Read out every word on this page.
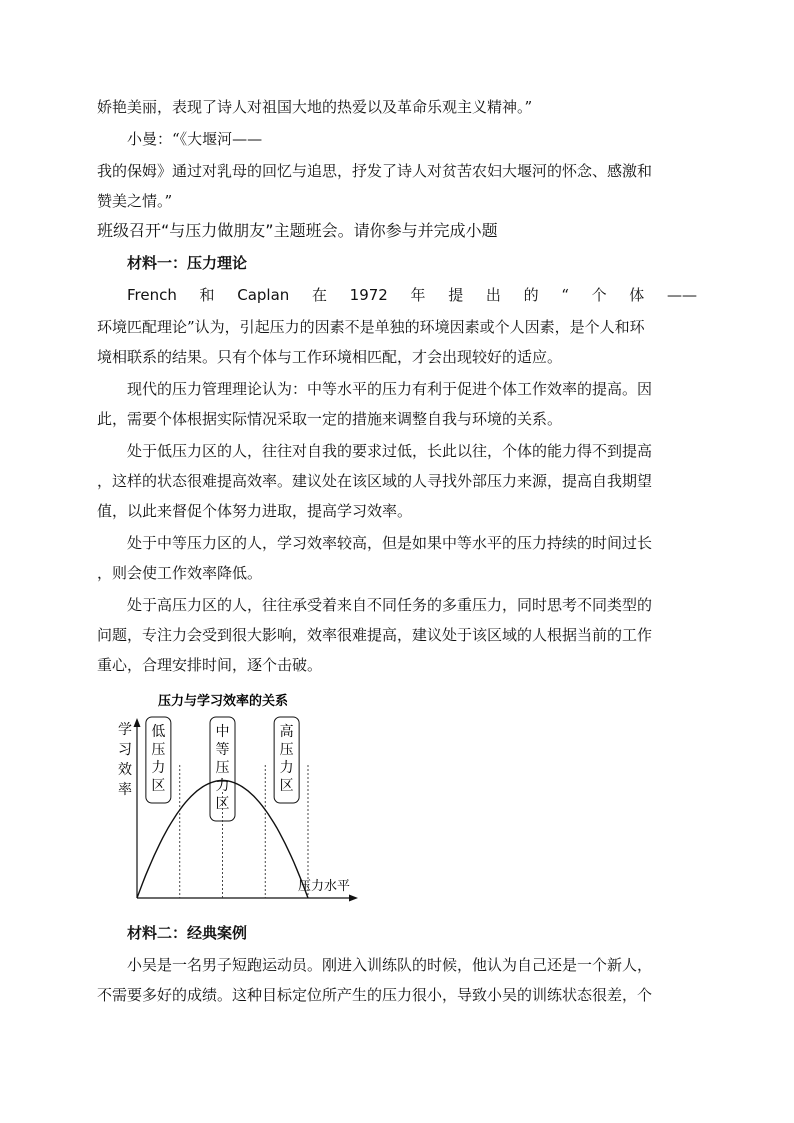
娇艳美丽，表现了诗人对祖国大地的热爱以及革命乐观主义精神。”
小曼：“《大堰河——
我的保姆》通过对乳母的回忆与追思，抒发了诗人对贫苦农妇大堰河的怀念、感激和
赞美之情。”
班级召开“与压力做朋友”主题班会。请你参与并完成小题
材料一：压力理论
French 和 Caplan 在 1972 年 提 出 的 “ 个 体 ——
环境匹配理论”认为，引起压力的因素不是单独的环境因素或个人因素，是个人和环
境相联系的结果。只有个体与工作环境相匹配，才会出现较好的适应。
现代的压力管理理论认为：中等水平的压力有利于促进个体工作效率的提高。因
此，需要个体根据实际情况采取一定的措施来调整自我与环境的关系。
处于低压力区的人，往往对自我的要求过低，长此以往，个体的能力得不到提高
，这样的状态很难提高效率。建议处在该区域的人寻找外部压力来源，提高自我期望
值，以此来督促个体努力进取，提高学习效率。
处于中等压力区的人，学习效率较高，但是如果中等水平的压力持续的时间过长
，则会使工作效率降低。
处于高压力区的人，往往承受着来自不同任务的多重压力，同时思考不同类型的
问题，专注力会受到很大影响，效率很难提高，建议处于该区域的人根据当前的工作
重心，合理安排时间，逐个击破。
压力与学习效率的关系
学
习
效
率
压力水平
低
压
力
区
中
等
压
力
区
高
压
力
区
材料二：经典案例
小吴是一名男子短跑运动员。刚进入训练队的时候，他认为自己还是一个新人，
不需要多好的成绩。这种目标定位所产生的压力很小，导致小吴的训练状态很差，个
